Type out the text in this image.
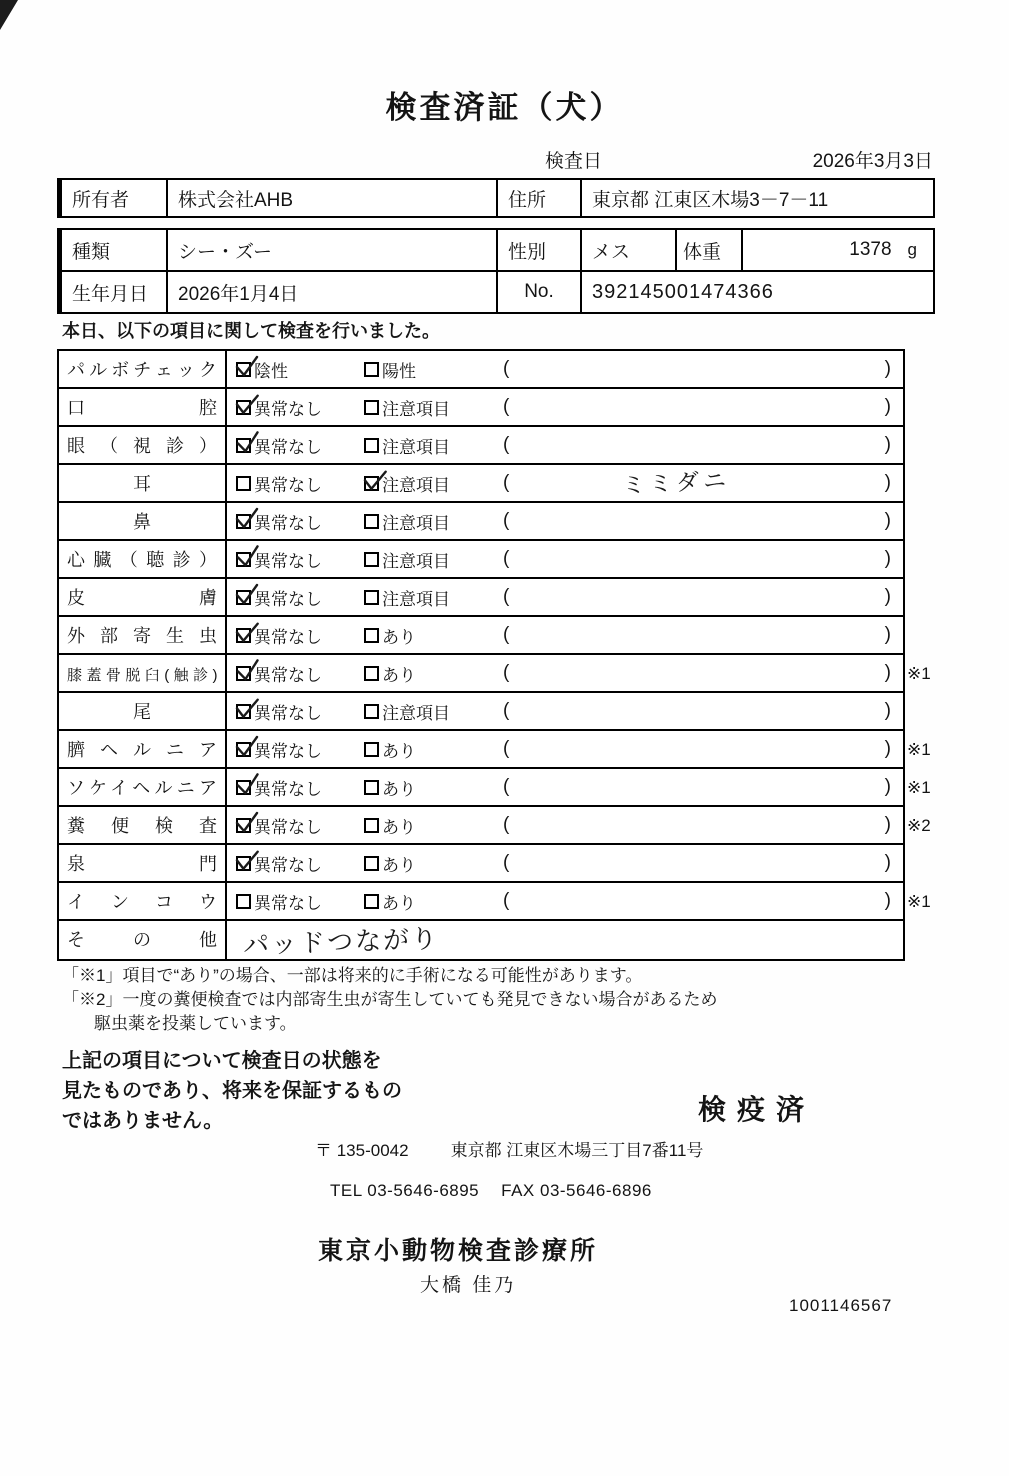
検査済証（犬）
検査日	2026年3月3日
所有者	株式会社AHB	住所	東京都 江東区木場3－7－11
種類	シー・ズー	性別	メス	体重	1378 g
生年月日	2026年1月4日	No.	392145001474366
本日、以下の項目に関して検査を行いました。
パルボチェック	陰性	陽性	(	)
口腔	異常なし	注意項目	(	)
眼（視診）	異常なし	注意項目	(	)
耳	異常なし	注意項目	(	ミミダニ	)
鼻	異常なし	注意項目	(	)
心臓（聴診）	異常なし	注意項目	(	)
皮膚	異常なし	注意項目	(	)
外部寄生虫	異常なし	あり	(	)
膝蓋骨脱臼(触診)	異常なし	あり	(	) ※1
尾	異常なし	注意項目	(	)
臍ヘルニア	異常なし	あり	(	) ※1
ソケイヘルニア	異常なし	あり	(	) ※1
糞便検査	異常なし	あり	(	) ※2
泉門	異常なし	あり	(	)
インコウ	異常なし	あり	(	) ※1
その他 パッドつながり
「※1」項目で“あり”の場合、一部は将来的に手術になる可能性があります。
「※2」一度の糞便検査では内部寄生虫が寄生していても発見できない場合があるため
駆虫薬を投薬しています。
上記の項目について検査日の状態を
見たものであり、将来を保証するもの
ではありません。	検疫済
〒 135-0042 東京都 江東区木場三丁目7番11号
TEL 03-5646-6895 FAX 03-5646-6896
東京小動物検査診療所
大橋 佳乃
1001146567
